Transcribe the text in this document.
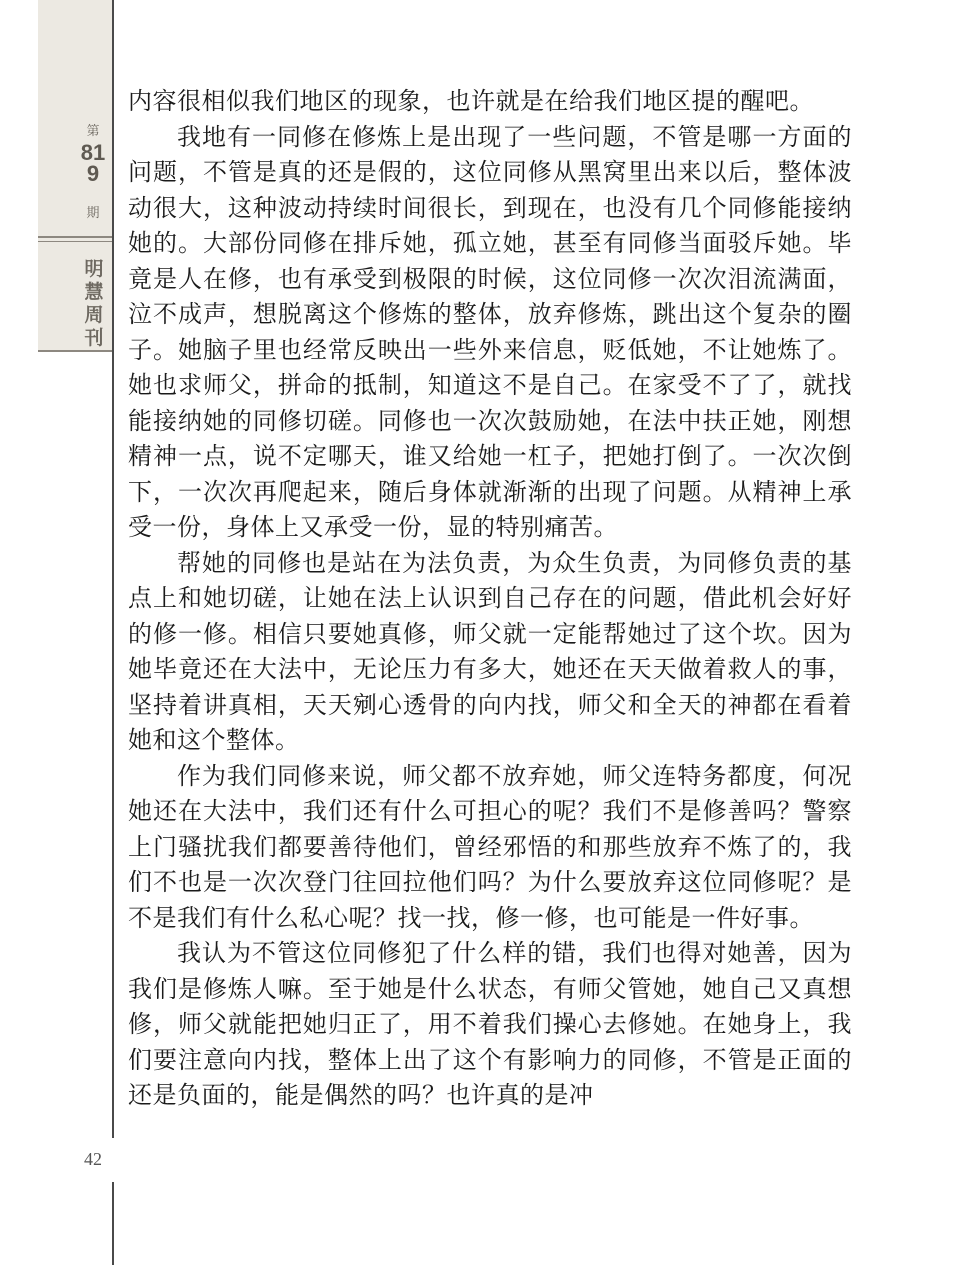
第
819
期
明慧周刊
42

内容很相似我们地区的现象，也许就是在给我们地区提的醒吧。

我地有一同修在修炼上是出现了一些问题，不管是哪一方面的问题，不管是真的还是假的，这位同修从黑窝里出来以后，整体波动很大，这种波动持续时间很长，到现在，也没有几个同修能接纳她的。大部份同修在排斥她，孤立她，甚至有同修当面驳斥她。毕竟是人在修，也有承受到极限的时候，这位同修一次次泪流满面，泣不成声，想脱离这个修炼的整体，放弃修炼，跳出这个复杂的圈子。她脑子里也经常反映出一些外来信息，贬低她，不让她炼了。她也求师父，拼命的抵制，知道这不是自己。在家受不了了，就找能接纳她的同修切磋。同修也一次次鼓励她，在法中扶正她，刚想精神一点，说不定哪天，谁又给她一杠子，把她打倒了。一次次倒下，一次次再爬起来，随后身体就渐渐的出现了问题。从精神上承受一份，身体上又承受一份，显的特别痛苦。

帮她的同修也是站在为法负责，为众生负责，为同修负责的基点上和她切磋，让她在法上认识到自己存在的问题，借此机会好好的修一修。相信只要她真修，师父就一定能帮她过了这个坎。因为她毕竟还在大法中，无论压力有多大，她还在天天做着救人的事，坚持着讲真相，天天剜心透骨的向内找，师父和全天的神都在看着她和这个整体。

作为我们同修来说，师父都不放弃她，师父连特务都度，何况她还在大法中，我们还有什么可担心的呢？我们不是修善吗？警察上门骚扰我们都要善待他们，曾经邪悟的和那些放弃不炼了的，我们不也是一次次登门往回拉他们吗？为什么要放弃这位同修呢？是不是我们有什么私心呢？找一找，修一修，也可能是一件好事。

我认为不管这位同修犯了什么样的错，我们也得对她善，因为我们是修炼人嘛。至于她是什么状态，有师父管她，她自己又真想修，师父就能把她归正了，用不着我们操心去修她。在她身上，我们要注意向内找，整体上出了这个有影响力的同修，不管是正面的还是负面的，能是偶然的吗？也许真的是冲
